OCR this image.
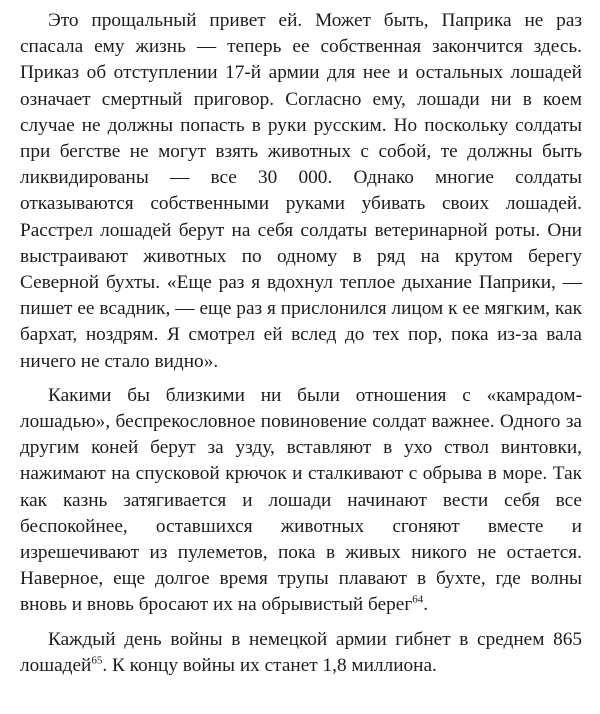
Это прощальный привет ей. Может быть, Паприка не раз спасала ему жизнь — теперь ее собственная закончится здесь. Приказ об отступлении 17-й армии для нее и остальных лошадей означает смертный приговор. Согласно ему, лошади ни в коем случае не должны попасть в руки русским. Но поскольку солдаты при бегстве не могут взять животных с собой, те должны быть ликвидированы — все 30 000. Однако многие солдаты отказываются собственными руками убивать своих лошадей. Расстрел лошадей берут на себя солдаты ветеринарной роты. Они выстраивают животных по одному в ряд на крутом берегу Северной бухты. «Еще раз я вдохнул теплое дыхание Паприки, — пишет ее всадник, — еще раз я прислонился лицом к ее мягким, как бархат, ноздрям. Я смотрел ей вслед до тех пор, пока из-за вала ничего не стало видно».

Какими бы близкими ни были отношения с «камрадом-лошадью», беспрекословное повиновение солдат важнее. Одного за другим коней берут за узду, вставляют в ухо ствол винтовки, нажимают на спусковой крючок и сталкивают с обрыва в море. Так как казнь затягивается и лошади начинают вести себя все беспокойнее, оставшихся животных сгоняют вместе и изрешечивают из пулеметов, пока в живых никого не остается. Наверное, еще долгое время трупы плавают в бухте, где волны вновь и вновь бросают их на обрывистый берег$^{64}$.

Каждый день войны в немецкой армии гибнет в среднем 865 лошадей$^{65}$. К концу войны их станет 1,8 миллиона.
